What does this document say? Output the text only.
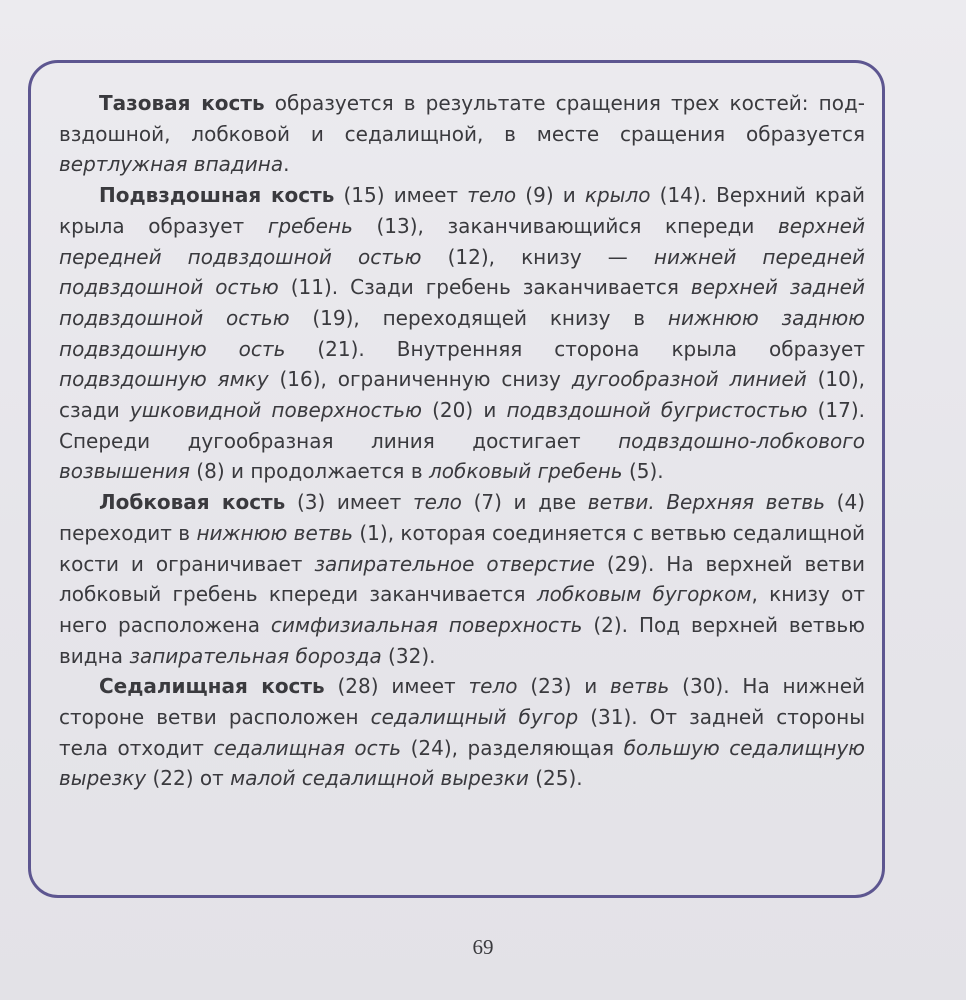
Тазовая кость образуется в результате сращения трех костей: подвздошной, лобковой и седалищной, в месте сращения образуется вертлужная впадина.

Подвздошная кость (15) имеет тело (9) и крыло (14). Верхний край крыла образует гребень (13), заканчивающийся кпереди верхней передней подвздошной остью (12), книзу — нижней передней подвздошной остью (11). Сзади гребень заканчивается верхней задней подвздошной остью (19), переходящей книзу в нижнюю заднюю подвздошную ость (21). Внутренняя сторона крыла образует подвздошную ямку (16), ограниченную снизу дугообразной линией (10), сзади ушковидной поверхностью (20) и подвздошной бугристостью (17). Спереди дугообразная линия достигает подвздошно-лобкового возвышения (8) и продолжается в лобковый гребень (5).

Лобковая кость (3) имеет тело (7) и две ветви. Верхняя ветвь (4) переходит в нижнюю ветвь (1), которая соединяется с ветвью седалищной кости и ограничивает запирательное отверстие (29). На верхней ветви лобковый гребень кпереди заканчивается лобковым бугорком, книзу от него расположена симфизиальная поверхность (2). Под верхней ветвью видна запирательная борозда (32).

Седалищная кость (28) имеет тело (23) и ветвь (30). На нижней стороне ветви расположен седалищный бугор (31). От задней стороны тела отходит седалищная ость (24), разделяющая большую седалищную вырезку (22) от малой седалищной вырезки (25).

69
